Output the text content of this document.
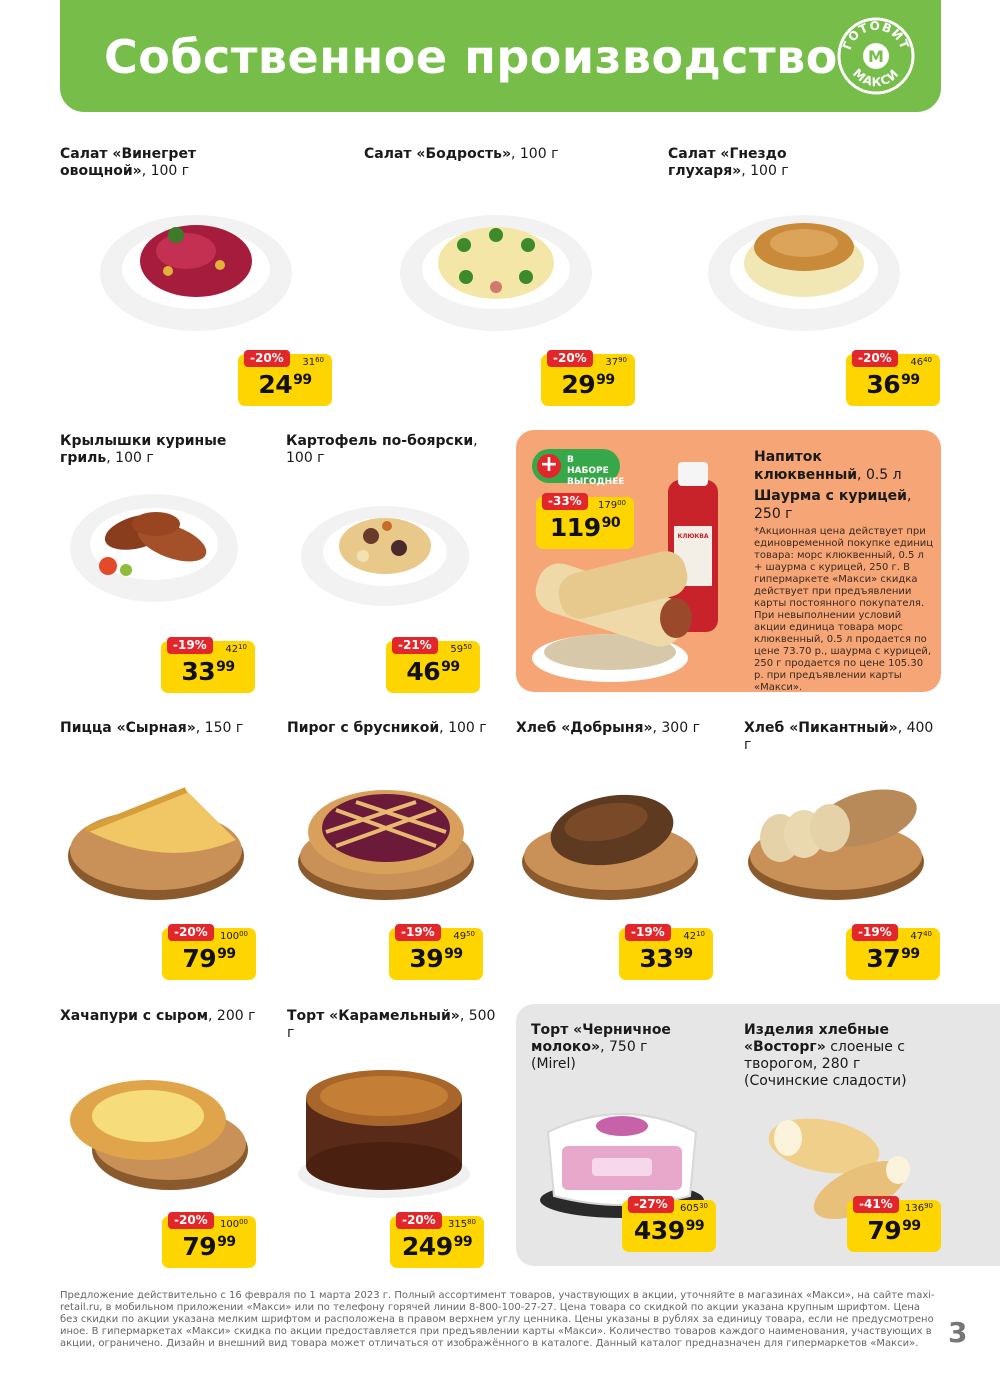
Собственное производство M
ГОТОВИТ
МАКСИ
Салат «Винегрет овощной», 100 г
-20%	$31^{60}$
$24^{99}$
Салат «Бодрость», 100 г
-20%	$37^{90}$
$29^{99}$
Салат «Гнездо глухаря», 100 г
-20%	$46^{40}$
$36^{99}$
Крылышки куриные гриль, 100 г
-19%	$42^{10}$
$33^{99}$
Картофель по-боярски, 100 г
-21%	$59^{50}$
$46^{99}$
+ В НАБОРЕ ВЫГОДНЕЕ
-33%	$179^{00}$
$119^{90}$
КЛЮКВА
Напиток клюквенный, 0.5 л
Шаурма с курицей, 250 г
*Акционная цена действует при единовременной покупке единиц товара: морс клюквенный, 0.5 л + шаурма с курицей, 250 г. В гипермаркете «Макси» скидка действует при предъявлении карты постоянного покупателя. При невыполнении условий акции единица товара морс клюквенный, 0.5 л продается по цене 73.70 р., шаурма с курицей, 250 г продается по цене 105.30 р. при предъявлении карты «Макси».
Пицца «Сырная», 150 г
-20%	$100^{00}$
$79^{99}$
Пирог с брусникой, 100 г
-19%	$49^{50}$
$39^{99}$
Хлеб «Добрыня», 300 г
-19%	$42^{10}$
$33^{99}$
Хлеб «Пикантный», 400 г
-19%	$47^{40}$
$37^{99}$
Хачапури с сыром, 200 г
-20%	$100^{00}$
$79^{99}$
Торт «Карамельный», 500 г
-20%	$315^{80}$
$249^{99}$
Торт «Черничное молоко», 750 г
(Mirel)
-27%	$605^{30}$
$439^{99}$
Изделия хлебные «Восторг» слоеные с творогом, 280 г
(Сочинские сладости)
-41%	$136^{90}$
$79^{99}$
Предложение действительно с 16 февраля по 1 марта 2023 г. Полный ассортимент товаров, участвующих в акции, уточняйте в магазинах «Макси», на сайте maxi-retail.ru, в мобильном приложении «Макси» или по телефону горячей линии 8-800-100-27-27. Цена товара со скидкой по акции указана крупным шрифтом. Цена без скидки по акции указана мелким шрифтом и расположена в правом верхнем углу ценника. Цены указаны в рублях за единицу товара, если не предусмотрено иное. В гипермаркетах «Макси» скидка по акции предоставляется при предъявлении карты «Макси». Количество товаров каждого наименования, участвующих в акции, ограничено. Дизайн и внешний вид товара может отличаться от изображённого в каталоге. Данный каталог предназначен для гипермаркетов «Макси».	3
